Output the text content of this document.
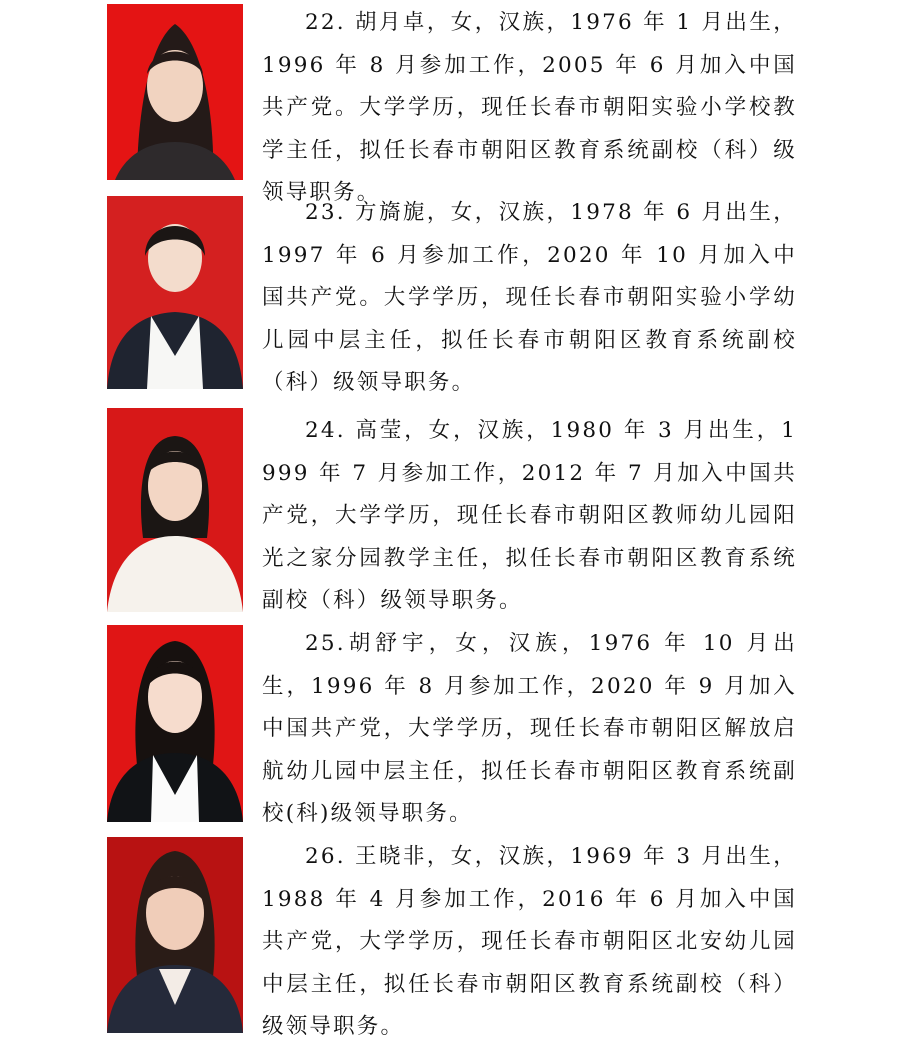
22. 胡月卓，女，汉族，1976 年 1 月出生，1996 年 8 月参加工作，2005 年 6 月加入中国共产党。大学学历，现任长春市朝阳实验小学校教学主任，拟任长春市朝阳区教育系统副校（科）级领导职务。

23. 方旖旎，女，汉族，1978 年 6 月出生，1997 年 6 月参加工作，2020 年 10 月加入中国共产党。大学学历，现任长春市朝阳实验小学幼儿园中层主任，拟任长春市朝阳区教育系统副校（科）级领导职务。

24. 高莹，女，汉族，1980 年 3 月出生，1999 年 7 月参加工作，2012 年 7 月加入中国共产党，大学学历，现任长春市朝阳区教师幼儿园阳光之家分园教学主任，拟任长春市朝阳区教育系统副校（科）级领导职务。

25.胡舒宇，女，汉族，1976 年 10 月出生，1996 年 8 月参加工作，2020 年 9 月加入中国共产党，大学学历，现任长春市朝阳区解放启航幼儿园中层主任，拟任长春市朝阳区教育系统副校(科)级领导职务。

26. 王晓非，女，汉族，1969 年 3 月出生，1988 年 4 月参加工作，2016 年 6 月加入中国共产党，大学学历，现任长春市朝阳区北安幼儿园中层主任，拟任长春市朝阳区教育系统副校（科）级领导职务。
